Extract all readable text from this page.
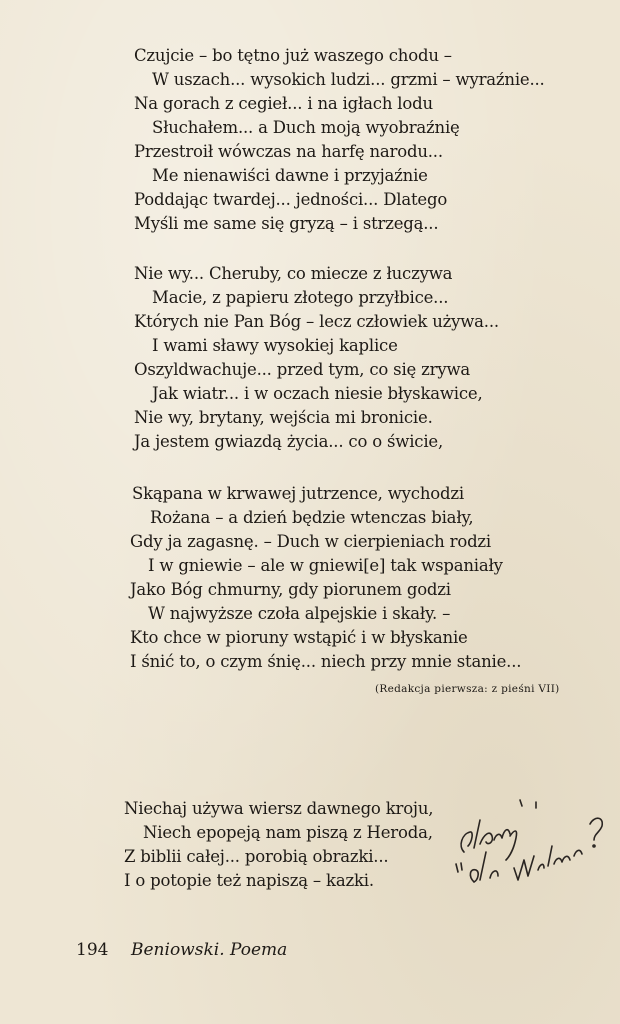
Czujcie – bo tętno już waszego chodu –
W uszach... wysokich ludzi... grzmi – wyraźnie...
Na gorach z cegieł... i na igłach lodu
Słuchałem... a Duch moją wyobraźnię
Przestroił wówczas na harfę narodu...
Me nienawiści dawne i przyjaźnie
Poddając twardej... jedności... Dlatego
Myśli me same się gryzą – i strzegą...
Nie wy... Cheruby, co miecze z łuczywa
Macie, z papieru złotego przyłbice...
Których nie Pan Bóg – lecz człowiek używa...
I wami sławy wysokiej kaplice
Oszyldwachuje... przed tym, co się zrywa
Jak wiatr... i w oczach niesie błyskawice,
Nie wy, brytany, wejścia mi bronicie.
Ja jestem gwiazdą życia... co o świcie,
Skąpana w krwawej jutrzence, wychodzi
Rożana – a dzień będzie wtenczas biały,
Gdy ja zagasnę. – Duch w cierpieniach rodzi
I w gniewie – ale w gniewi[e] tak wspaniały
Jako Bóg chmurny, gdy piorunem godzi
W najwyższe czoła alpejskie i skały. –
Kto chce w pioruny wstąpić i w błyskanie
I śnić to, o czym śnię... niech przy mnie stanie...
(Redakcja pierwsza: z pieśni VII)
Niechaj używa wiersz dawnego kroju,
Niech epopeją nam piszą z Heroda,
Z biblii całej... porobią obrazki...
I o potopie też napiszą – kazki.
194 Beniowski. Poema
